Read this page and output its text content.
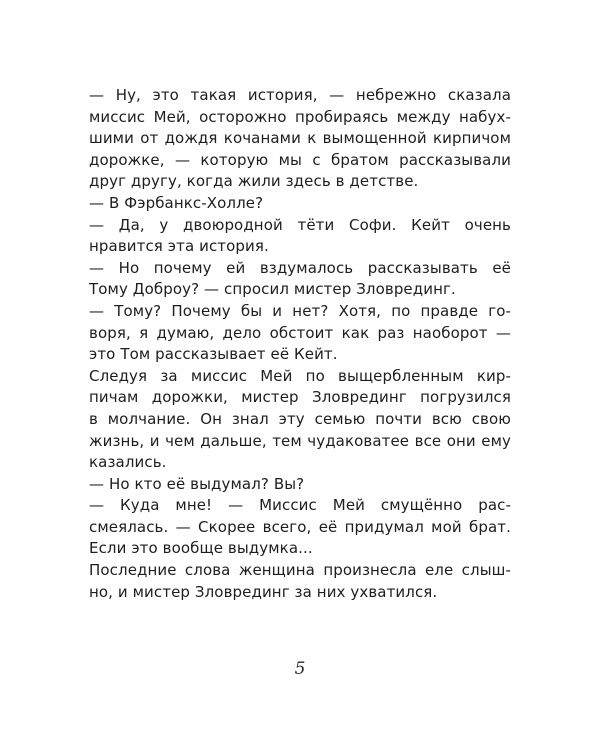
— Ну, это такая история, — небрежно сказала
миссис Мей, осторожно пробираясь между набух-
шими от дождя кочанами к вымощенной кирпичом
дорожке, — которую мы с братом рассказывали
друг другу, когда жили здесь в детстве.
— В Фэрбанкс-Холле?
— Да, у двоюродной тёти Софи. Кейт очень
нравится эта история.
— Но почему ей вздумалось рассказывать её
Тому Доброу? — спросил мистер Зловрединг.
— Тому? Почему бы и нет? Хотя, по правде го-
воря, я думаю, дело обстоит как раз наоборот —
это Том рассказывает её Кейт.
Следуя за миссис Мей по выщербленным кир-
пичам дорожки, мистер Зловрединг погрузился
в молчание. Он знал эту семью почти всю свою
жизнь, и чем дальше, тем чудаковатее все они ему
казались.
— Но кто её выдумал? Вы?
— Куда мне! — Миссис Мей смущённо рас-
смеялась. — Скорее всего, её придумал мой брат.
Если это вообще выдумка...
Последние слова женщина произнесла еле слыш-
но, и мистер Зловрединг за них ухватился.
5
